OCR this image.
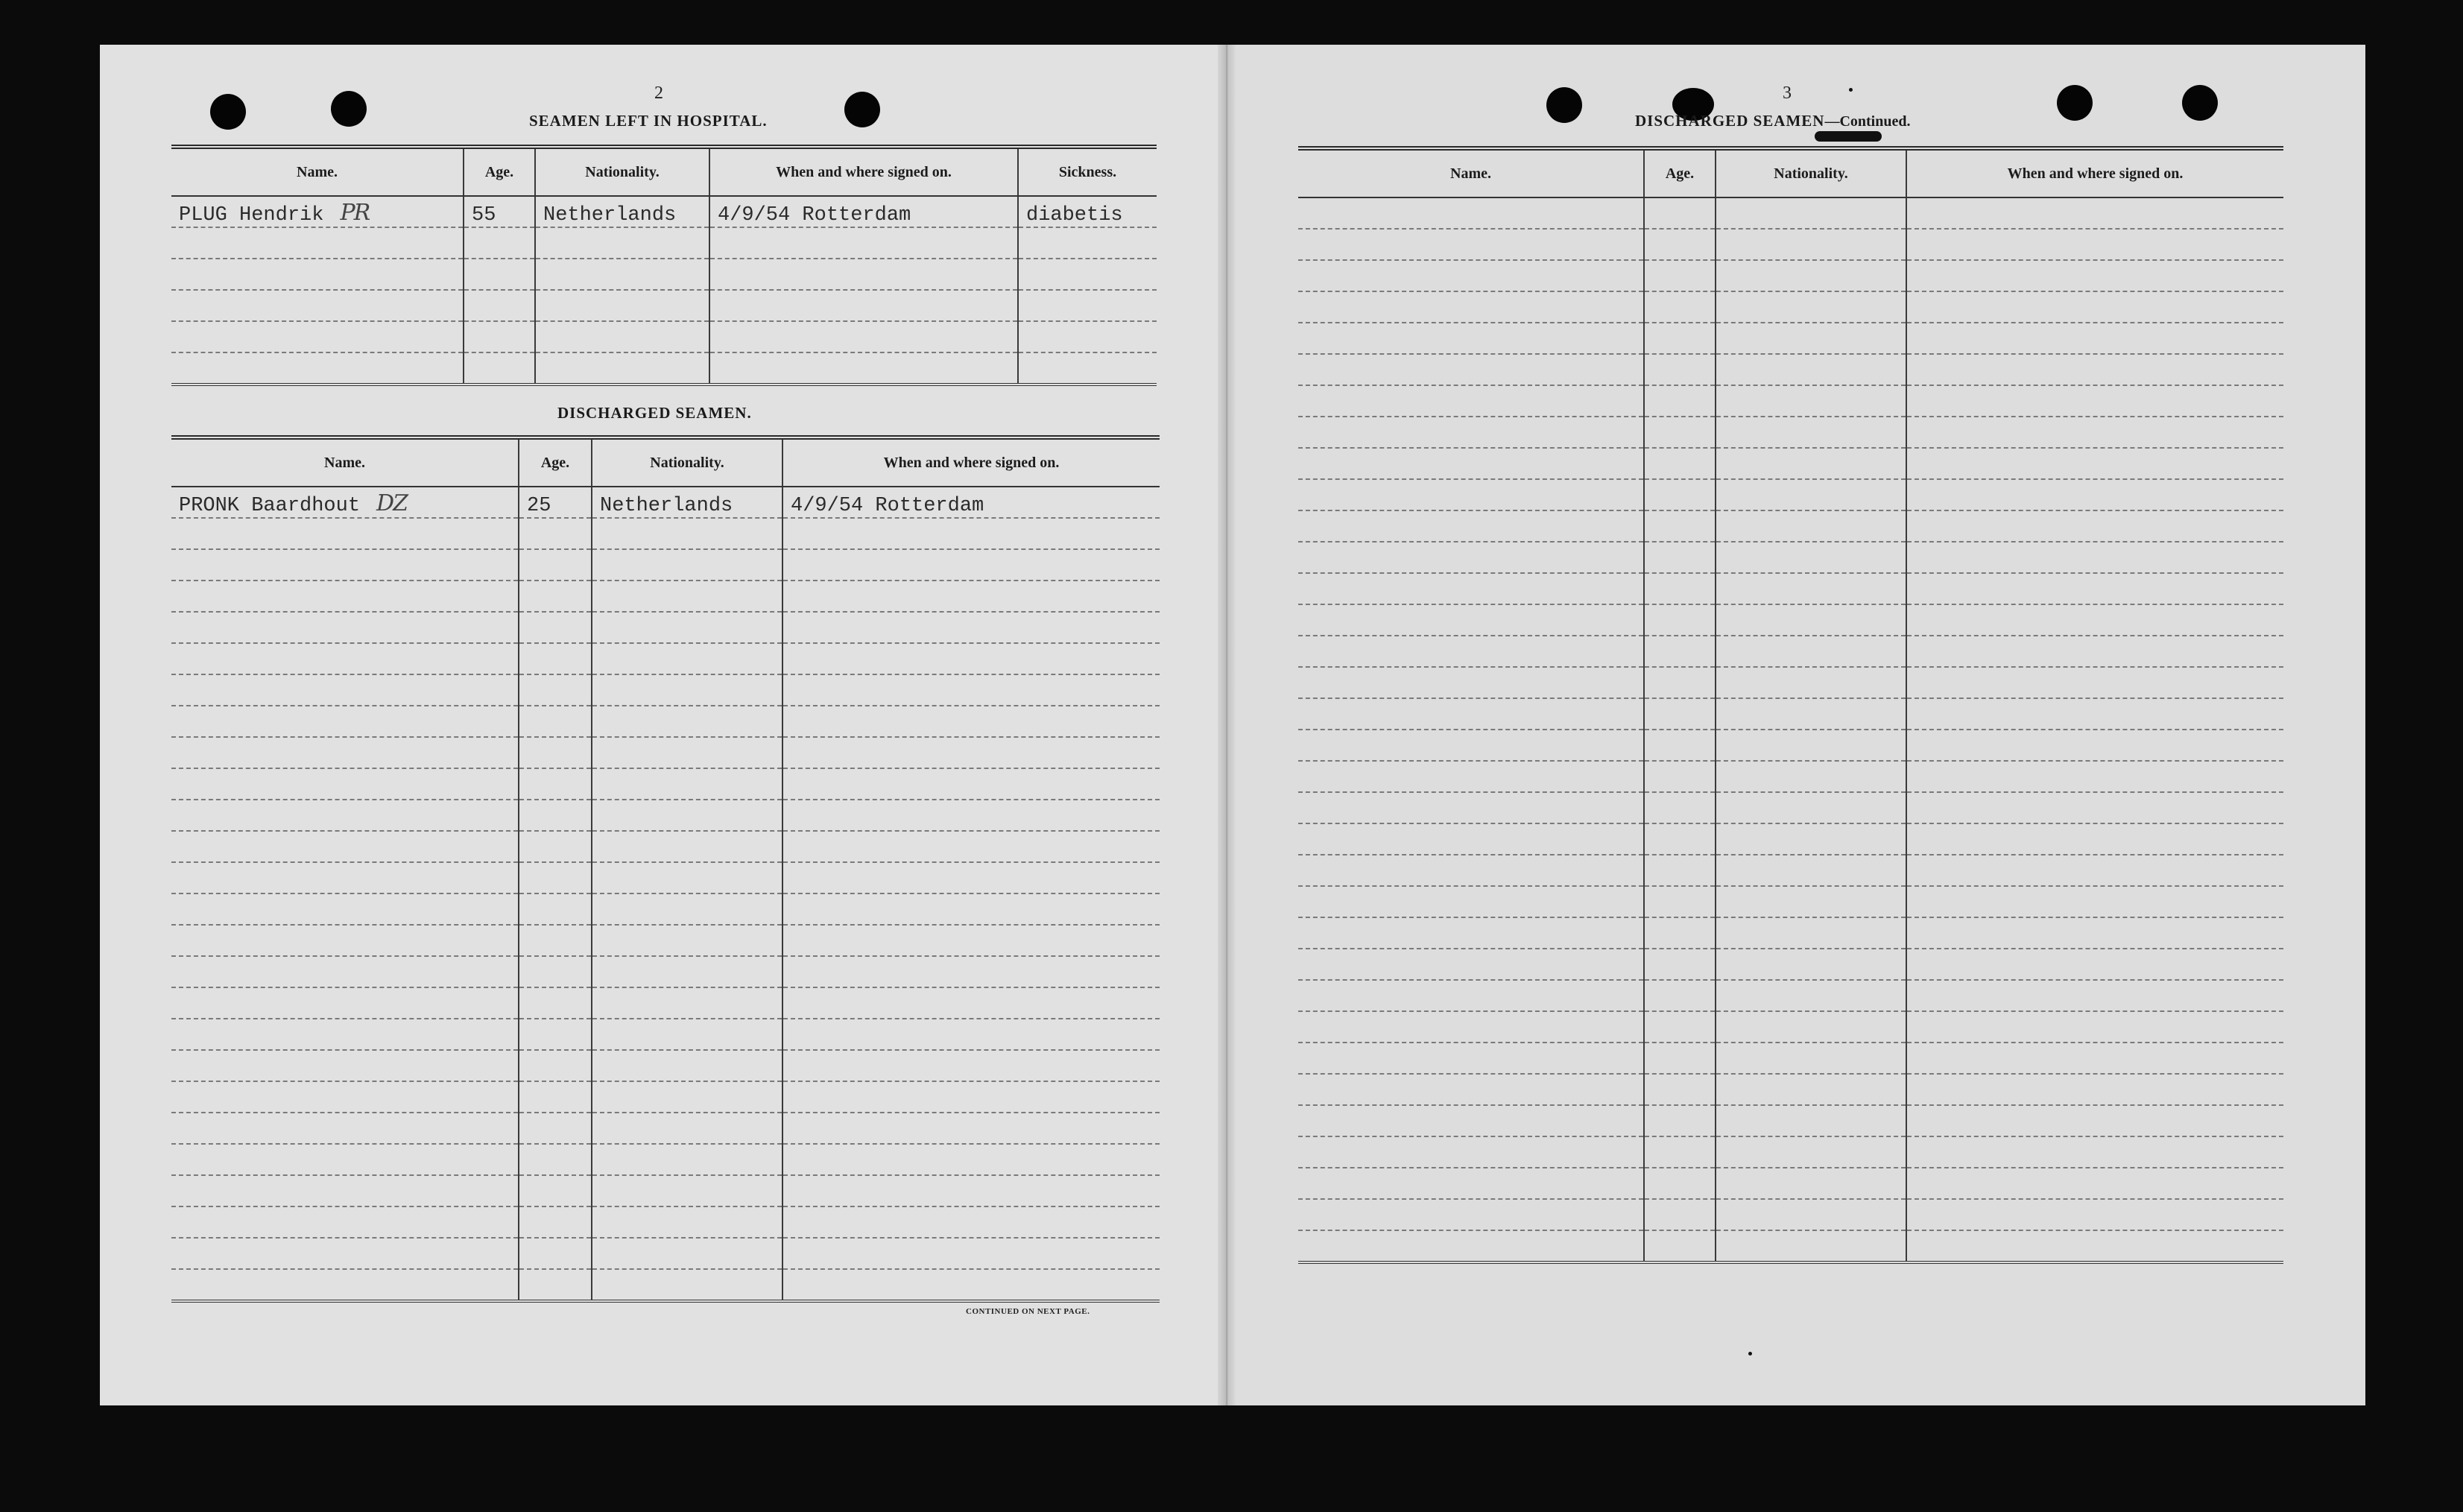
2
SEAMEN LEFT IN HOSPITAL.
Name.	Age.	Nationality.	When and where signed on.	Sickness.
PLUG Hendrik PR	55	Netherlands	4/9/54 Rotterdam	diabetis

DISCHARGED SEAMEN.
Name.	Age.	Nationality.	When and where signed on.
PRONK Baardhout DZ	25	Netherlands	4/9/54 Rotterdam

CONTINUED ON NEXT PAGE.
3
DISCHARGED SEAMEN—Continued.
Name.	Age.	Nationality.	When and where signed on.
